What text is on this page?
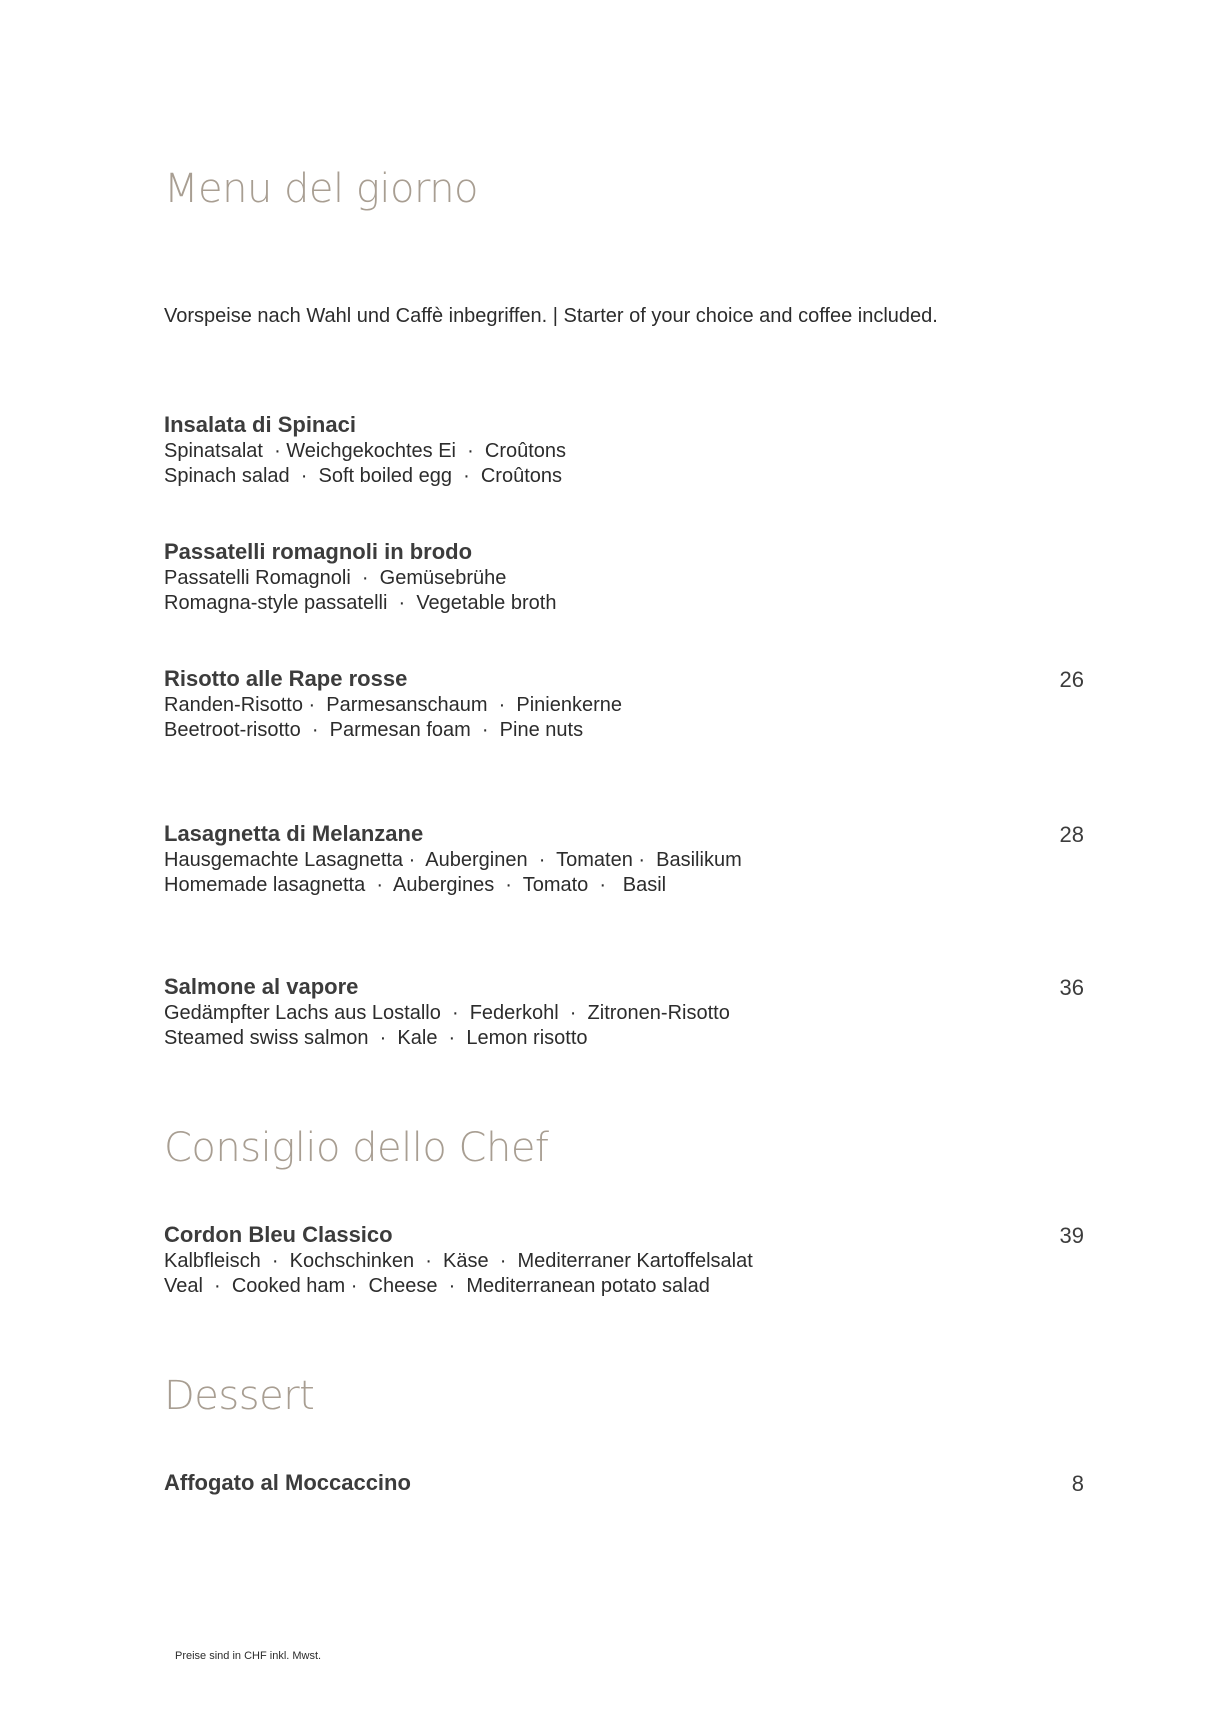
Menu del giorno
Vorspeise nach Wahl und Caffè inbegriffen. | Starter of your choice and coffee included.
Insalata di Spinaci
Spinatsalat  · Weichgekochtes Ei  ·  Croûtons
Spinach salad  ·  Soft boiled egg  ·  Croûtons
Passatelli romagnoli in brodo
Passatelli Romagnoli  ·  Gemüsebrühe
Romagna-style passatelli  ·  Vegetable broth
Risotto alle Rape rosse
Randen-Risotto ·  Parmesanschaum  ·  Pinienkerne
Beetroot-risotto  ·  Parmesan foam  ·  Pine nuts
26
Lasagnetta di Melanzane
Hausgemachte Lasagnetta ·  Auberginen  ·  Tomaten ·  Basilikum
Homemade lasagnetta  ·  Aubergines  ·  Tomato  ·   Basil
28
Salmone al vapore
Gedämpfter Lachs aus Lostallo  ·  Federkohl  ·  Zitronen-Risotto
Steamed swiss salmon  ·  Kale  ·  Lemon risotto
36
Consiglio dello Chef
Cordon Bleu Classico
Kalbfleisch  ·  Kochschinken  ·  Käse  ·  Mediterraner Kartoffelsalat
Veal  ·  Cooked ham ·  Cheese  ·  Mediterranean potato salad
39
Dessert
Affogato al Moccaccino	8
Preise sind in CHF inkl. Mwst.
